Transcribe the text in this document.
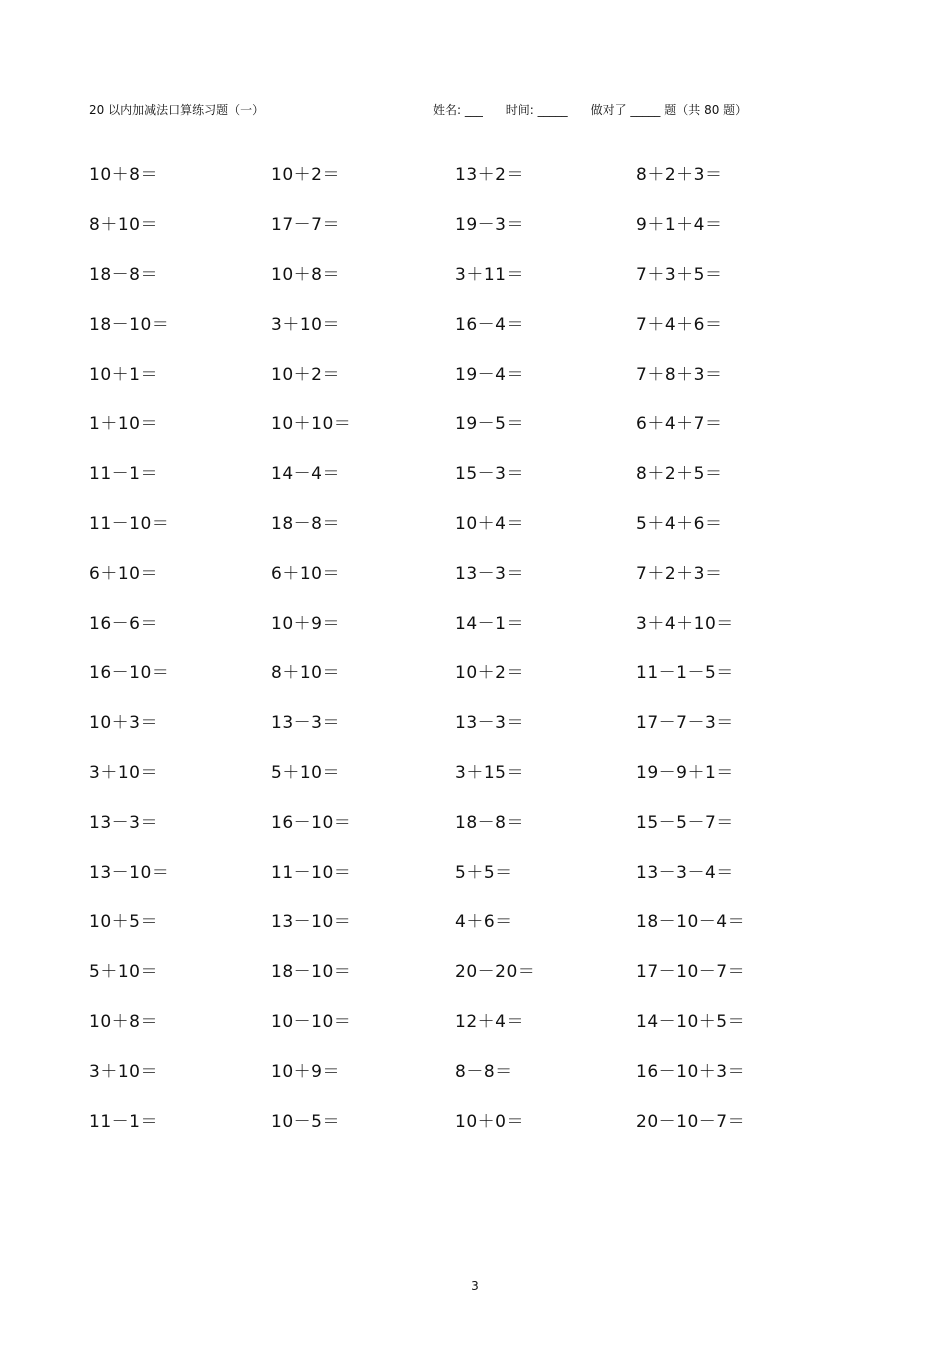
20 以内加减法口算练习题（一）	姓名: ___      时间: _____      做对了 _____ 题（共 80 题）
10＋8＝	10＋2＝	13＋2＝	8＋2＋3＝
8＋10＝	17－7＝	19－3＝	9＋1＋4＝
18－8＝	10＋8＝	3＋11＝	7＋3＋5＝
18－10＝	3＋10＝	16－4＝	7＋4＋6＝
10＋1＝	10＋2＝	19－4＝	7＋8＋3＝
1＋10＝	10＋10＝	19－5＝	6＋4＋7＝
11－1＝	14－4＝	15－3＝	8＋2＋5＝
11－10＝	18－8＝	10＋4＝	5＋4＋6＝
6＋10＝	6＋10＝	13－3＝	7＋2＋3＝
16－6＝	10＋9＝	14－1＝	3＋4＋10＝
16－10＝	8＋10＝	10＋2＝	11－1－5＝
10＋3＝	13－3＝	13－3＝	17－7－3＝
3＋10＝	5＋10＝	3＋15＝	19－9＋1＝
13－3＝	16－10＝	18－8＝	15－5－7＝
13－10＝	11－10＝	5＋5＝	13－3－4＝
10＋5＝	13－10＝	4＋6＝	18－10－4＝
5＋10＝	18－10＝	20－20＝	17－10－7＝
10＋8＝	10－10＝	12＋4＝	14－10＋5＝
3＋10＝	10＋9＝	8－8＝	16－10＋3＝
11－1＝	10－5＝	10＋0＝	20－10－7＝
3
